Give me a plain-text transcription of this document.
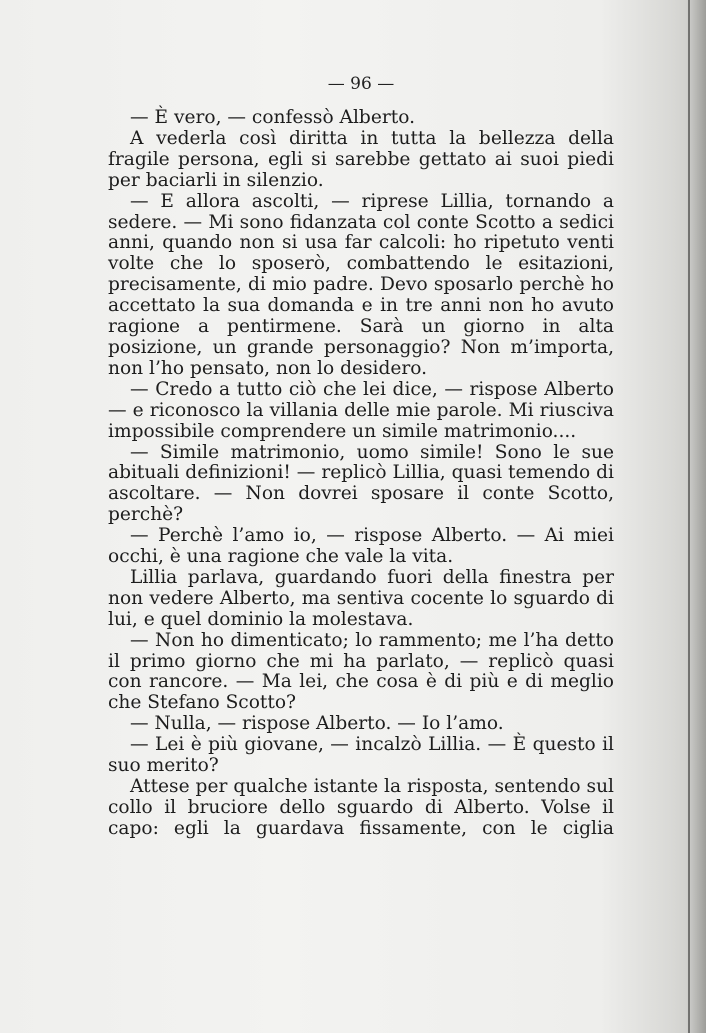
— 96 —

— È vero, — confessò Alberto.

A vederla così diritta in tutta la bellezza della fragile persona, egli si sarebbe gettato ai suoi piedi per baciarli in silenzio.

— E allora ascolti, — riprese Lillia, tornando a sedere. — Mi sono fidanzata col conte Scotto a sedici anni, quando non si usa far calcoli: ho ripetuto venti volte che lo sposerò, combattendo le esitazioni, precisamente, di mio padre. Devo sposarlo perchè ho accettato la sua domanda e in tre anni non ho avuto ragione a pentirmene. Sarà un giorno in alta posizione, un grande personaggio? Non m’importa, non l’ho pensato, non lo desidero.

— Credo a tutto ciò che lei dice, — rispose Alberto — e riconosco la villania delle mie parole. Mi riusciva impossibile comprendere un simile matrimonio....

— Simile matrimonio, uomo simile! Sono le sue abituali definizioni! — replicò Lillia, quasi temendo di ascoltare. — Non dovrei sposare il conte Scotto, perchè?

— Perchè l’amo io, — rispose Alberto. — Ai miei occhi, è una ragione che vale la vita.

Lillia parlava, guardando fuori della finestra per non vedere Alberto, ma sentiva cocente lo sguardo di lui, e quel dominio la molestava.

— Non ho dimenticato; lo rammento; me l’ha detto il primo giorno che mi ha parlato, — replicò quasi con rancore. — Ma lei, che cosa è di più e di meglio che Stefano Scotto?

— Nulla, — rispose Alberto. — Io l’amo.

— Lei è più giovane, — incalzò Lillia. — È questo il suo merito?

Attese per qualche istante la risposta, sentendo sul collo il bruciore dello sguardo di Alberto. Volse il capo: egli la guardava fissamente, con le ciglia
